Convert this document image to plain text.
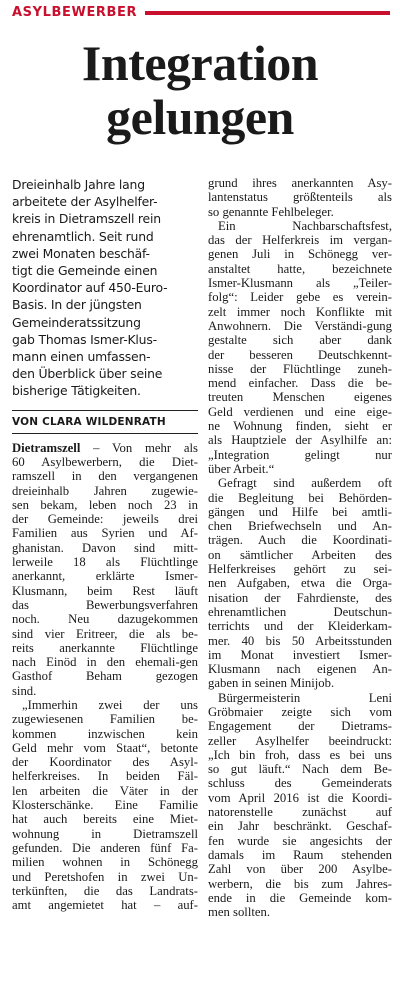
ASYLBEWERBER
Integration
gelungen

Dreieinhalb Jahre lang
arbeitete der Asylhelfer-
kreis in Dietramszell rein
ehrenamtlich. Seit rund
zwei Monaten beschäf-
tigt die Gemeinde einen
Koordinator auf 450-Euro-
Basis. In der jüngsten
Gemeinderatssitzung
gab Thomas Ismer-Klus-
mann einen umfassen-
den Überblick über seine
bisherige Tätigkeiten.

VON CLARA WILDENRATH

Dietramszell – Von mehr als
60 Asylbewerbern, die Diet-
ramszell in den vergangenen
dreieinhalb Jahren zugewie-
sen bekam, leben noch 23 in
der Gemeinde: jeweils drei
Familien aus Syrien und Af-
ghanistan. Davon sind mitt-
lerweile 18 als Flüchtlinge
anerkannt, erklärte Ismer-
Klusmann, beim Rest läuft
das Bewerbungsverfahren
noch. Neu dazugekommen
sind vier Eritreer, die als be-
reits anerkannte Flüchtlinge
nach Einöd in den ehemali-gen
Gasthof Beham gezogen
sind.
„Immerhin zwei der uns
zugewiesenen Familien be-
kommen inzwischen kein
Geld mehr vom Staat“, betonte
der Koordinator des Asyl-
helferkreises. In beiden Fäl-
len arbeiten die Väter in der
Klosterschänke. Eine Familie
hat auch bereits eine Miet-
wohnung in Dietramszell
gefunden. Die anderen fünf Fa-
milien wohnen in Schönegg
und Peretshofen in zwei Un-
terkünften, die das Landrats-
amt angemietet hat – auf-

grund ihres anerkannten Asy-
lantenstatus größtenteils als
so genannte Fehlbeleger.
Ein Nachbarschaftsfest,
das der Helferkreis im vergan-
genen Juli in Schönegg ver-
anstaltet hatte, bezeichnete
Ismer-Klusmann als „Teiler-
folg“: Leider gebe es verein-
zelt immer noch Konflikte mit
Anwohnern. Die Verständi-gung
gestalte sich aber dank
der besseren Deutschkennt-
nisse der Flüchtlinge zuneh-
mend einfacher. Dass die be-
treuten Menschen eigenes
Geld verdienen und eine eige-
ne Wohnung finden, sieht er
als Hauptziele der Asylhilfe an:
„Integration gelingt nur
über Arbeit.“
Gefragt sind außerdem oft
die Begleitung bei Behörden-
gängen und Hilfe bei amtli-
chen Briefwechseln und An-
trägen. Auch die Koordinati-
on sämtlicher Arbeiten des
Helferkreises gehört zu sei-
nen Aufgaben, etwa die Orga-
nisation der Fahrdienste, des
ehrenamtlichen Deutschun-
terrichts und der Kleiderkam-
mer. 40 bis 50 Arbeitsstunden
im Monat investiert Ismer-
Klusmann nach eigenen An-
gaben in seinen Minijob.
Bürgermeisterin Leni
Gröbmaier zeigte sich vom
Engagement der Dietrams-
zeller Asylhelfer beeindruckt:
„Ich bin froh, dass es bei uns
so gut läuft.“ Nach dem Be-
schluss des Gemeinderats
vom April 2016 ist die Koordi-
natorenstelle zunächst auf
ein Jahr beschränkt. Geschaf-
fen wurde sie angesichts der
damals im Raum stehenden
Zahl von über 200 Asylbe-
werbern, die bis zum Jahres-
ende in die Gemeinde kom-
men sollten.
